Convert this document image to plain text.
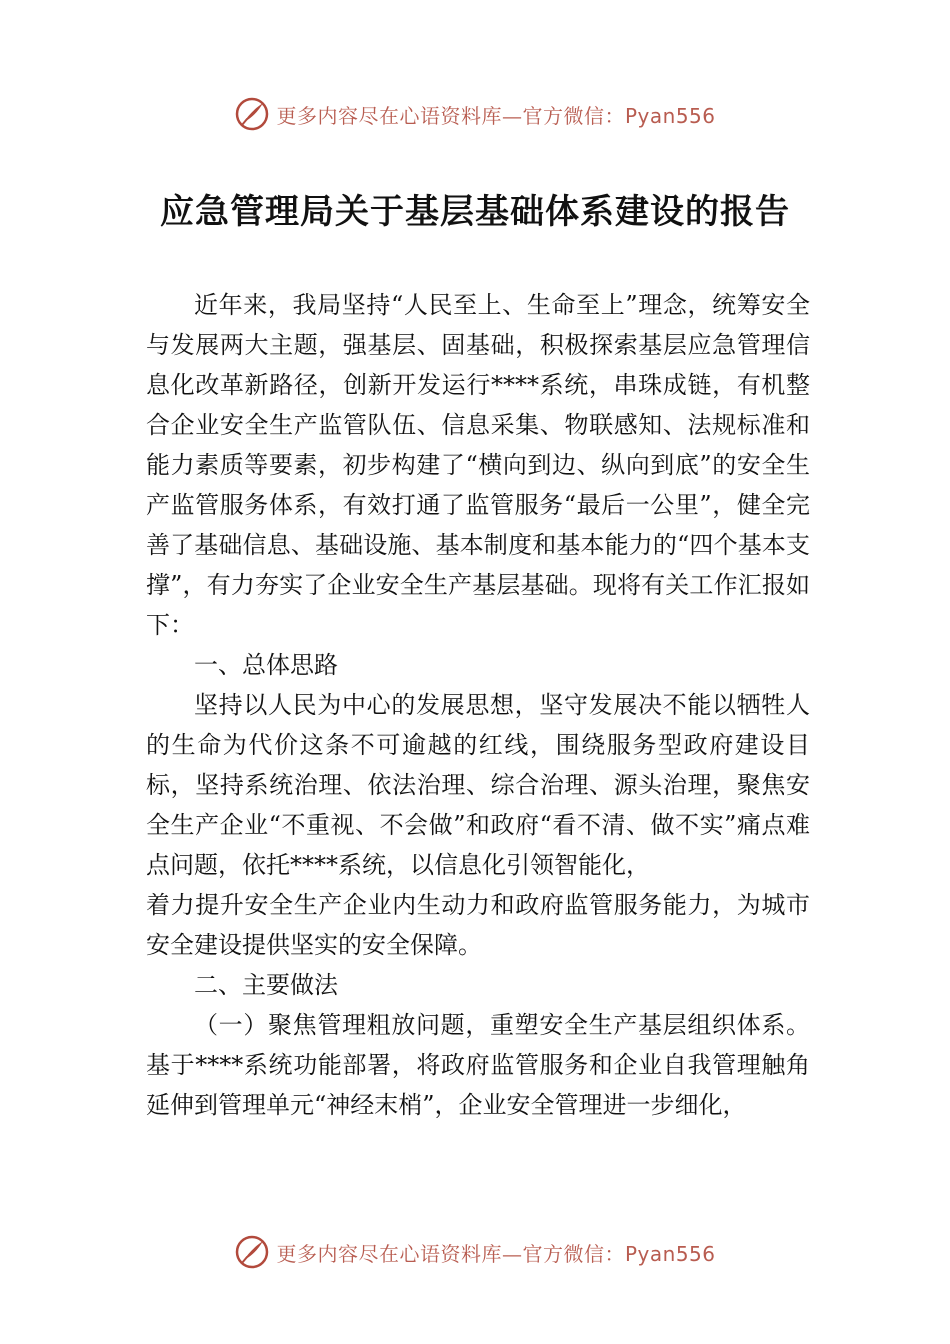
更多内容尽在心语资料库—官方微信：Pyan556
应急管理局关于基层基础体系建设的报告

近年来，我局坚持“人民至上、生命至上”理念，统筹安全与发展两大主题，强基层、固基础，积极探索基层应急管理信息化改革新路径，创新开发运行****系统，串珠成链，有机整合企业安全生产监管队伍、信息采集、物联感知、法规标准和能力素质等要素，初步构建了“横向到边、纵向到底”的安全生产监管服务体系，有效打通了监管服务“最后一公里”，健全完善了基础信息、基础设施、基本制度和基本能力的“四个基本支撑”，有力夯实了企业安全生产基层基础。现将有关工作汇报如下：

一、总体思路

坚持以人民为中心的发展思想，坚守发展决不能以牺牲人的生命为代价这条不可逾越的红线，围绕服务型政府建设目标，坚持系统治理、依法治理、综合治理、源头治理，聚焦安全生产企业“不重视、不会做”和政府“看不清、做不实”痛点难点问题，依托****系统，以信息化引领智能化，

着力提升安全生产企业内生动力和政府监管服务能力，为城市安全建设提供坚实的安全保障。

二、主要做法

（一）聚焦管理粗放问题，重塑安全生产基层组织体系。基于****系统功能部署，将政府监管服务和企业自我管理触角延伸到管理单元“神经末梢”，企业安全管理进一步细化，

更多内容尽在心语资料库—官方微信：Pyan556
